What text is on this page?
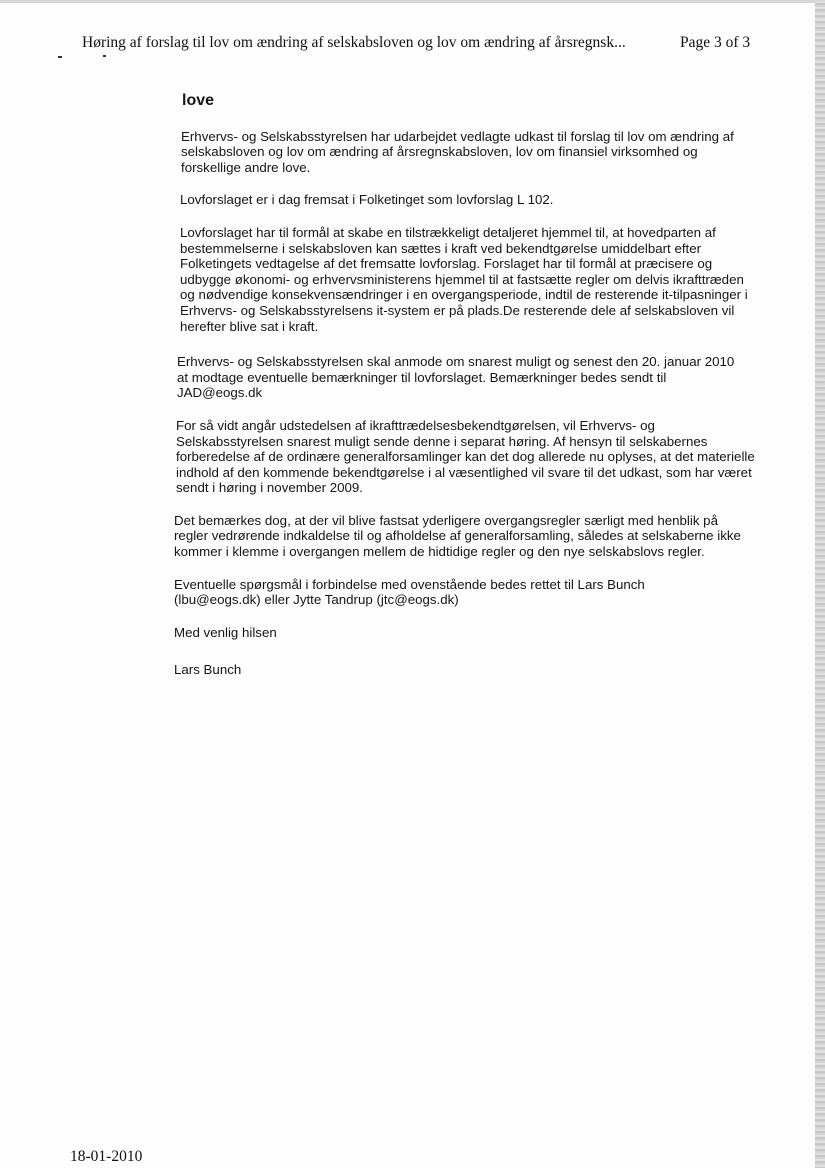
Høring af forslag til lov om ændring af selskabsloven og lov om ændring af årsregnsk...	Page 3 of 3
love

Erhvervs- og Selskabsstyrelsen har udarbejdet vedlagte udkast til forslag til lov om ændring af selskabsloven og lov om ændring af årsregnskabsloven, lov om finansiel virksomhed og forskellige andre love.

Lovforslaget er i dag fremsat i Folketinget som lovforslag L 102.

Lovforslaget har til formål at skabe en tilstrækkeligt detaljeret hjemmel til, at hovedparten af bestemmelserne i selskabsloven kan sættes i kraft ved bekendtgørelse umiddelbart efter Folketingets vedtagelse af det fremsatte lovforslag. Forslaget har til formål at præcisere og udbygge økonomi- og erhvervsministerens hjemmel til at fastsætte regler om delvis ikrafttræden og nødvendige konsekvensændringer i en overgangsperiode, indtil de resterende it-tilpasninger i Erhvervs- og Selskabsstyrelsens it-system er på plads.De resterende dele af selskabsloven vil herefter blive sat i kraft.

Erhvervs- og Selskabsstyrelsen skal anmode om snarest muligt og senest den 20. januar 2010 at modtage eventuelle bemærkninger til lovforslaget. Bemærkninger bedes sendt til JAD@eogs.dk

For så vidt angår udstedelsen af ikrafttrædelsesbekendtgørelsen, vil Erhvervs- og Selskabsstyrelsen snarest muligt sende denne i separat høring. Af hensyn til selskabernes forberedelse af de ordinære generalforsamlinger kan det dog allerede nu oplyses, at det materielle indhold af den kommende bekendtgørelse i al væsentlighed vil svare til det udkast, som har været sendt i høring i november 2009.

Det bemærkes dog, at der vil blive fastsat yderligere overgangsregler særligt med henblik på regler vedrørende indkaldelse til og afholdelse af generalforsamling, således at selskaberne ikke kommer i klemme i overgangen mellem de hidtidige regler og den nye selskabslovs regler.

Eventuelle spørgsmål i forbindelse med ovenstående bedes rettet til Lars Bunch (lbu@eogs.dk) eller Jytte Tandrup (jtc@eogs.dk)

Med venlig hilsen

Lars Bunch

18-01-2010
